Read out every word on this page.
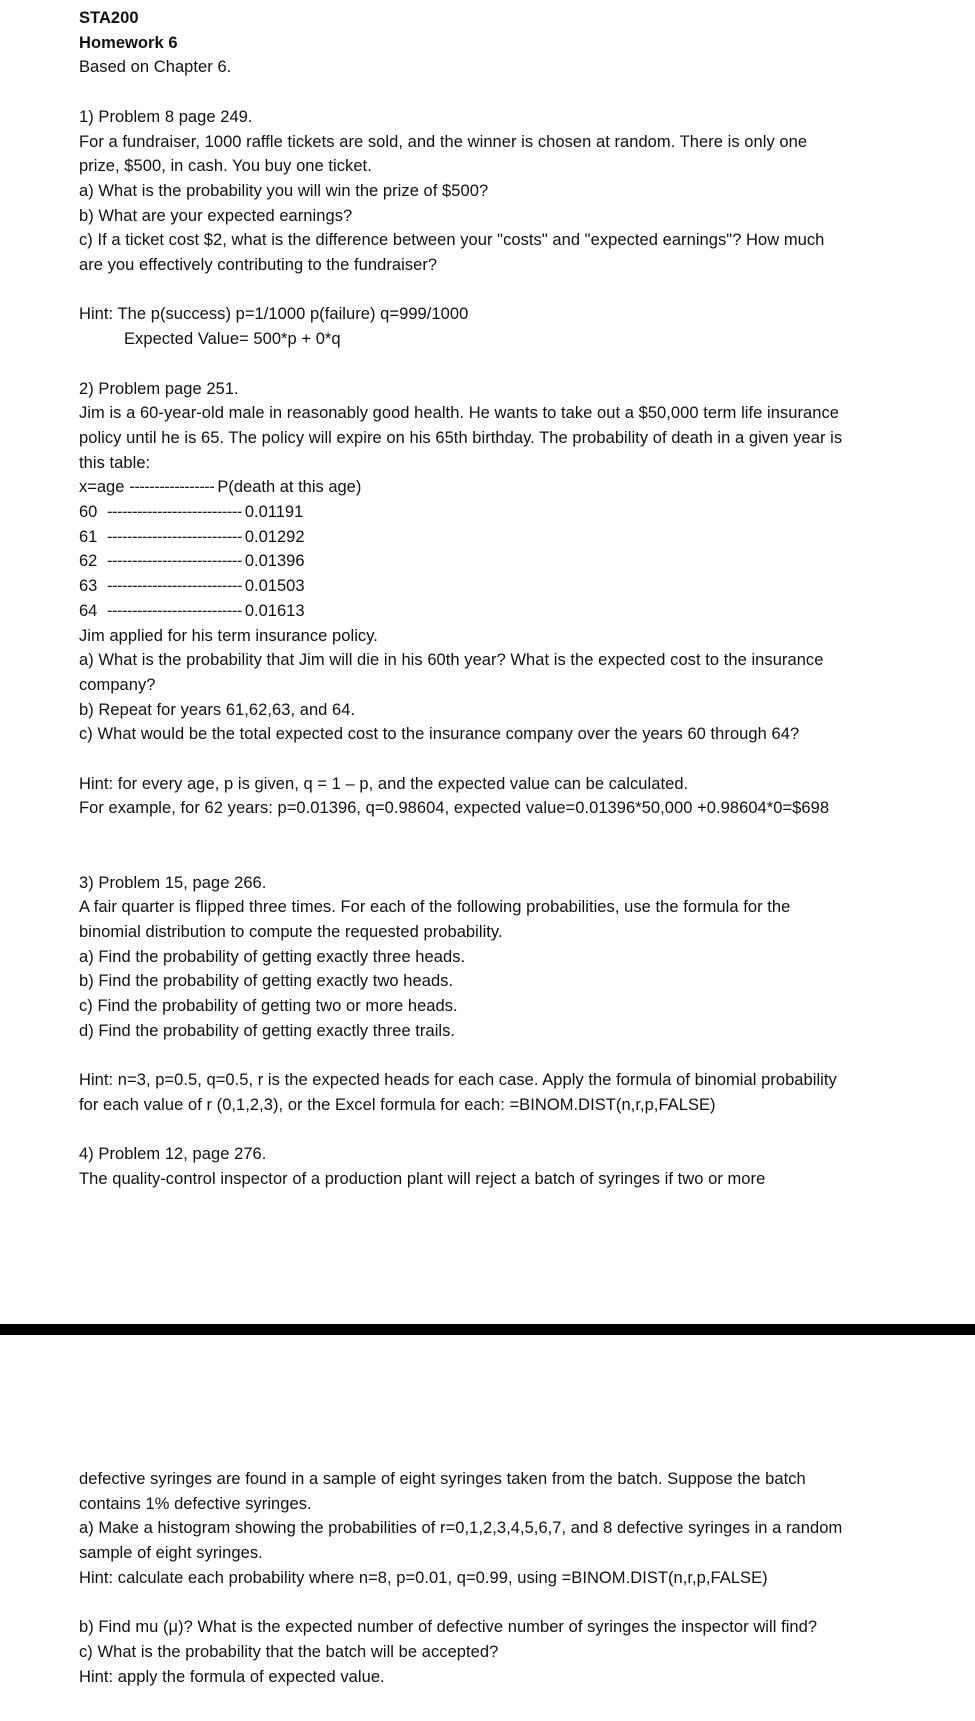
STA200
Homework 6
Based on Chapter 6.
1) Problem 8 page 249.
For a fundraiser, 1000 raffle tickets are sold, and the winner is chosen at random. There is only one
prize, $500, in cash. You buy one ticket.
a) What is the probability you will win the prize of $500?
b) What are your expected earnings?
c) If a ticket cost $2, what is the difference between your "costs" and "expected earnings"? How much
are you effectively contributing to the fundraiser?
Hint: The p(success) p=1/1000 p(failure) q=999/1000
Expected Value= 500*p + 0*q
2) Problem page 251.
Jim is a 60-year-old male in reasonably good health. He wants to take out a $50,000 term life insurance
policy until he is 65. The policy will expire on his 65th birthday. The probability of death in a given year is
this table:
x=age ----------------- P(death at this age)
60 --------------------------- 0.01191
61 --------------------------- 0.01292
62 --------------------------- 0.01396
63 --------------------------- 0.01503
64 --------------------------- 0.01613
Jim applied for his term insurance policy.
a) What is the probability that Jim will die in his 60th year? What is the expected cost to the insurance
company?
b) Repeat for years 61,62,63, and 64.
c) What would be the total expected cost to the insurance company over the years 60 through 64?
Hint: for every age, p is given, q = 1 – p, and the expected value can be calculated.
For example, for 62 years: p=0.01396, q=0.98604, expected value=0.01396*50,000 +0.98604*0=$698
3) Problem 15, page 266.
A fair quarter is flipped three times. For each of the following probabilities, use the formula for the
binomial distribution to compute the requested probability.
a) Find the probability of getting exactly three heads.
b) Find the probability of getting exactly two heads.
c) Find the probability of getting two or more heads.
d) Find the probability of getting exactly three trails.
Hint: n=3, p=0.5, q=0.5, r is the expected heads for each case. Apply the formula of binomial probability
for each value of r (0,1,2,3), or the Excel formula for each: =BINOM.DIST(n,r,p,FALSE)
4) Problem 12, page 276.
The quality-control inspector of a production plant will reject a batch of syringes if two or more
defective syringes are found in a sample of eight syringes taken from the batch. Suppose the batch
contains 1% defective syringes.
a) Make a histogram showing the probabilities of r=0,1,2,3,4,5,6,7, and 8 defective syringes in a random
sample of eight syringes.
Hint: calculate each probability where n=8, p=0.01, q=0.99, using =BINOM.DIST(n,r,p,FALSE)
b) Find mu (μ)? What is the expected number of defective number of syringes the inspector will find?
c) What is the probability that the batch will be accepted?
Hint: apply the formula of expected value.
